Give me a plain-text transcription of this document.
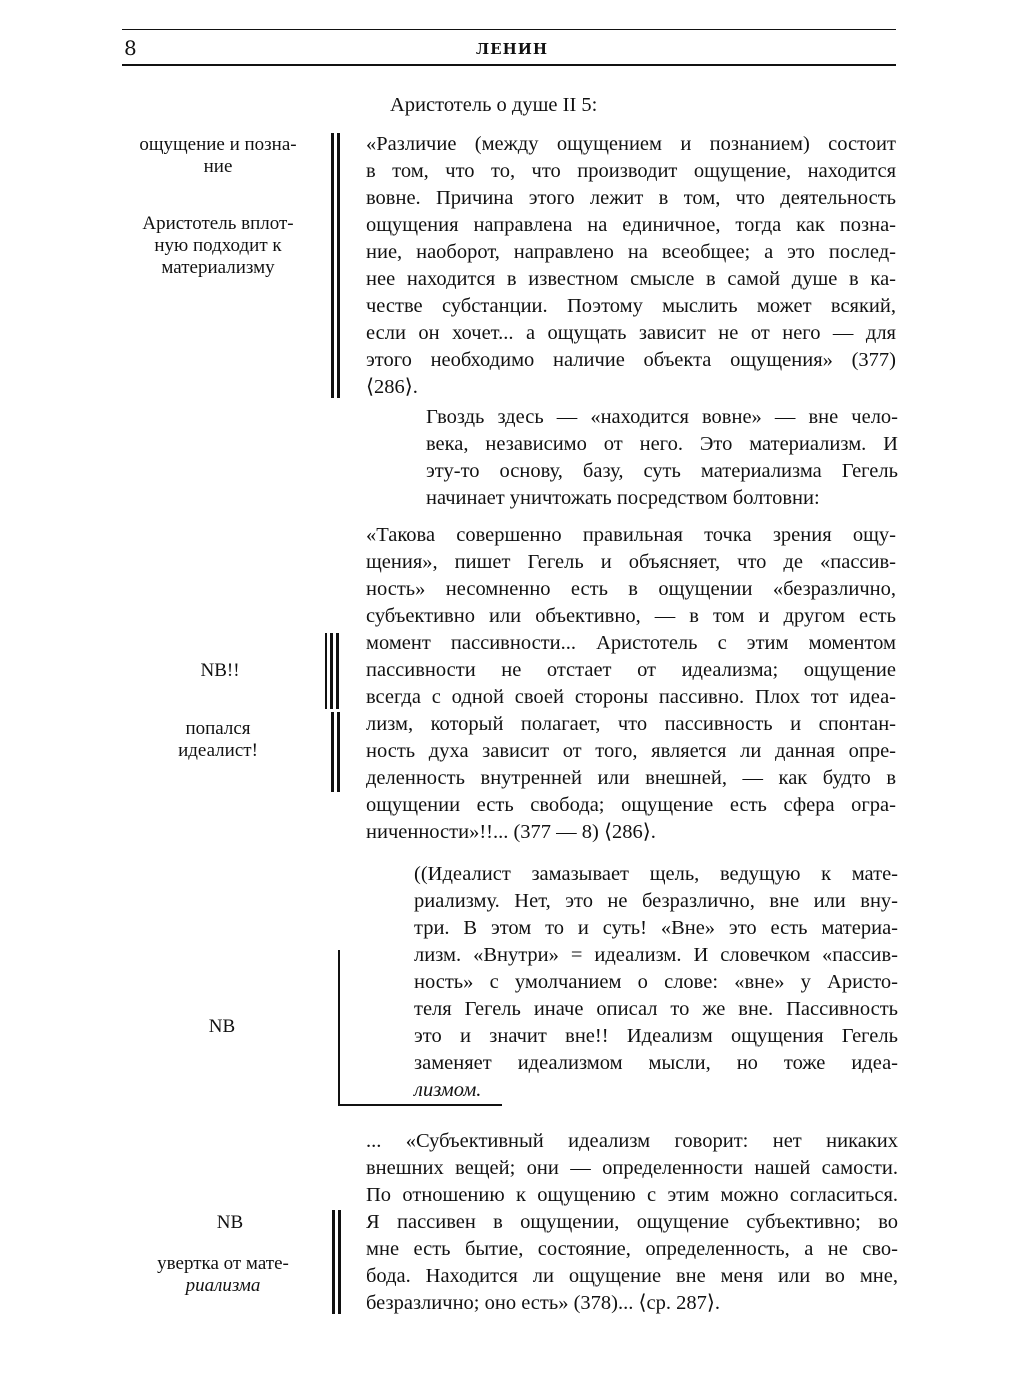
8	ЛЕНИН
Аристотель о душе II 5:
ощущение и позна-
ние
Аристотель вплот-
ную подходит к
материализму
NB!!
попался
идеалист!
NB
NB
увертка от мате-
риализма
«Различие (между ощущением и познанием) состоит
в том, что то, что производит ощущение, находится
вовне. Причина этого лежит в том, что деятельность
ощущения направлена на единичное, тогда как позна-
ние, наоборот, направлено на всеобщее; а это послед-
нее находится в известном смысле в самой душе в ка-
честве субстанции. Поэтому мыслить может всякий,
если он хочет... а ощущать зависит не от него — для
этого необходимо наличие объекта ощущения» (377)
⟨286⟩.
Гвоздь здесь — «находится вовне» — вне чело-
века, независимо от него. Это материализм. И
эту-то основу, базу, суть материализма Гегель
начинает уничтожать посредством болтовни:
«Такова совершенно правильная точка зрения ощу-
щения», пишет Гегель и объясняет, что де «пассив-
ность» несомненно есть в ощущении «безразлично,
субъективно или объективно, — в том и другом есть
момент пассивности... Аристотель с этим моментом
пассивности не отстает от идеализма; ощущение
всегда с одной своей стороны пассивно. Плох тот идеа-
лизм, который полагает, что пассивность и спонтан-
ность духа зависит от того, является ли данная опре-
деленность внутренней или внешней, — как будто в
ощущении есть свобода; ощущение есть сфера огра-
ниченности»!!... (377 — 8) ⟨286⟩.
((Идеалист замазывает щель, ведущую к мате-
риализму. Нет, это не безразлично, вне или вну-
три. В этом то и суть! «Вне» это есть материа-
лизм. «Внутри» = идеализм. И словечком «пассив-
ность» с умолчанием о слове: «вне» у Аристо-
теля Гегель иначе описал то же вне. Пассивность
это и значит вне!! Идеализм ощущения Гегель
заменяет идеализмом мысли, но тоже идеа-
лизмом.
... «Субъективный идеализм говорит: нет никаких
внешних вещей; они — определенности нашей самости.
По отношению к ощущению с этим можно согласиться.
Я пассивен в ощущении, ощущение субъективно; во
мне есть бытие, состояние, определенность, а не сво-
бода. Находится ли ощущение вне меня или во мне,
безразлично; оно есть» (378)... ⟨ср. 287⟩.
